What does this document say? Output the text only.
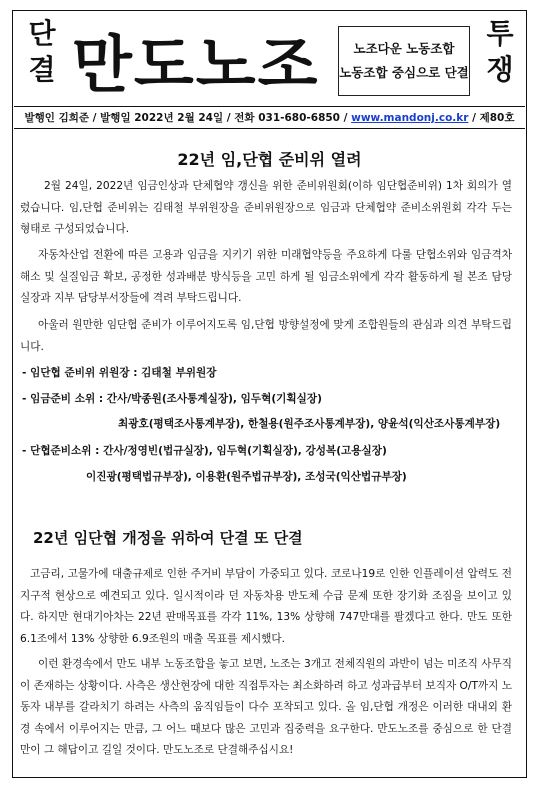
단
결 만도노조	노조다운 노동조합
노동조합 중심으로 단결
투
쟁
발행인 김희준 / 발행일 2022년 2월 24일 / 전화 031-680-6850 / www.mandonj.co.kr / 제80호
22년 임,단협 준비위 열려

2월 24일, 2022년 임금인상과 단체협약 갱신을 위한 준비위원회(이하 임단협준비위) 1차 회의가 열렸습니다. 임,단협 준비위는 김태철 부위원장을 준비위원장으로 임금과 단체협약 준비소위원회 각각 두는 형태로 구성되었습니다.

자동차산업 전환에 따른 고용과 임금을 지키기 위한 미래협약등을 주요하게 다룰 단협소위와 임금격차 해소 및 실질임금 확보, 공정한 성과배분 방식등을 고민 하게 될 임금소위에게 각각 활동하게 될 본조 담당실장과 지부 담당부서장들에 격려 부탁드립니다.

아울러 원만한 임단협 준비가 이루어지도록 임,단협 방향설정에 맞게 조합원들의 관심과 의견 부탁드립니다.

- 임단협 준비위 위원장 : 김태철 부위원장
- 임금준비 소위 : 간사/박종원(조사통계실장), 임두혁(기획실장)
최광호(평택조사통계부장), 한철용(원주조사통계부장), 양윤석(익산조사통계부장)
- 단협준비소위 : 간사/정영빈(법규실장), 임두혁(기획실장), 강성복(고용실장)
이진광(평택법규부장), 이용환(원주법규부장), 조성국(익산법규부장)
22년 임단협 개정을 위하여 단결 또 단결

고금리, 고물가에 대출규제로 인한 주거비 부담이 가중되고 있다. 코로나19로 인한 인플레이션 압력도 전 지구적 현상으로 예견되고 있다. 일시적이라 던 자동차용 반도체 수급 문제 또한 장기화 조짐을 보이고 있다. 하지만 현대기아차는 22년 판매목표를 각각 11%, 13% 상향해 747만대를 팔겠다고 한다. 만도 또한 6.1조에서 13% 상향한 6.9조원의 매출 목표를 제시했다.

이런 환경속에서 만도 내부 노동조합을 놓고 보면, 노조는 3개고 전체직원의 과반이 넘는 미조직 사무직이 존재하는 상황이다. 사측은 생산현장에 대한 직접투자는 최소화하려 하고 성과급부터 보직자 O/T까지 노동자 내부를 갈라치기 하려는 사측의 움직임들이 다수 포착되고 있다. 올 임,단협 개정은 이러한 대내외 환경 속에서 이루어지는 만큼, 그 어느 때보다 많은 고민과 집중력을 요구한다. 만도노조를 중심으로 한 단결만이 그 해답이고 길일 것이다. 만도노조로 단결해주십시요!
